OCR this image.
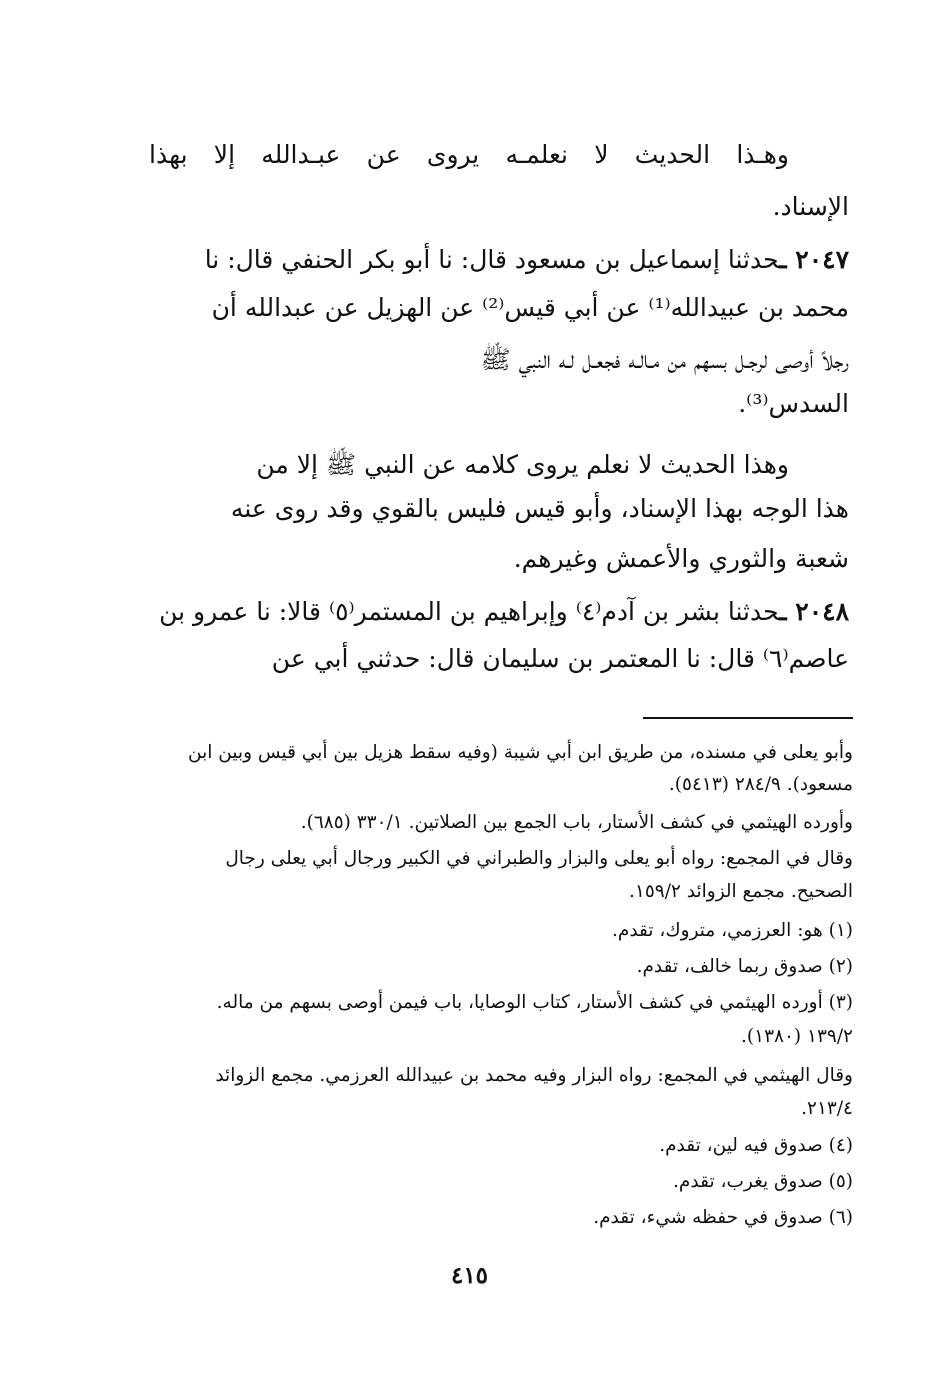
وهـذا الحديث لا نعلمـه يروى عن عبـدالله إلا بهذا
الإسناد.
٢٠٤٧ ـحدثنا إسماعيل بن مسعود قال: نا أبو بكر الحنفي قال: نا
محمد بن عبيدالله⁽¹⁾ عن أبي قيس⁽²⁾ عن الهزيل عن عبدالله أن
رجلاً أوصى لرجـل بسهم من مـالـه فجعـل لـه النبي ﷺ
السدس⁽³⁾.
وهذا الحديث لا نعلم يروى كلامه عن النبي ﷺ إلا من
هذا الوجه بهذا الإسناد، وأبو قيس فليس بالقوي وقد روى عنه
شعبة والثوري والأعمش وغيرهم.
٢٠٤٨ ـحدثنا بشر بن آدم⁽٤⁾ وإبراهيم بن المستمر⁽٥⁾ قالا: نا عمرو بن
عاصم⁽٦⁾ قال: نا المعتمر بن سليمان قال: حدثني أبي عن
وأبو يعلى في مسنده، من طريق ابن أبي شيبة (وفيه سقط هزيل بين أبي قيس وبين ابن
مسعود). ٢٨٤/٩ (٥٤١٣).
وأورده الهيثمي في كشف الأستار، باب الجمع بين الصلاتين. ٣٣٠/١ (٦٨٥).
وقال في المجمع: رواه أبو يعلى والبزار والطبراني في الكبير ورجال أبي يعلى رجال
الصحيح. مجمع الزوائد ١٥٩/٢.
(١) هو: العرزمي، متروك، تقدم.
(٢) صدوق ربما خالف، تقدم.
(٣) أورده الهيثمي في كشف الأستار، كتاب الوصايا، باب فيمن أوصى بسهم من ماله.
١٣٩/٢ (١٣٨٠).
وقال الهيثمي في المجمع: رواه البزار وفيه محمد بن عبيدالله العرزمي. مجمع الزوائد
٢١٣/٤.
(٤) صدوق فيه لين، تقدم.
(٥) صدوق يغرب، تقدم.
(٦) صدوق في حفظه شيء، تقدم.
٤١٥
